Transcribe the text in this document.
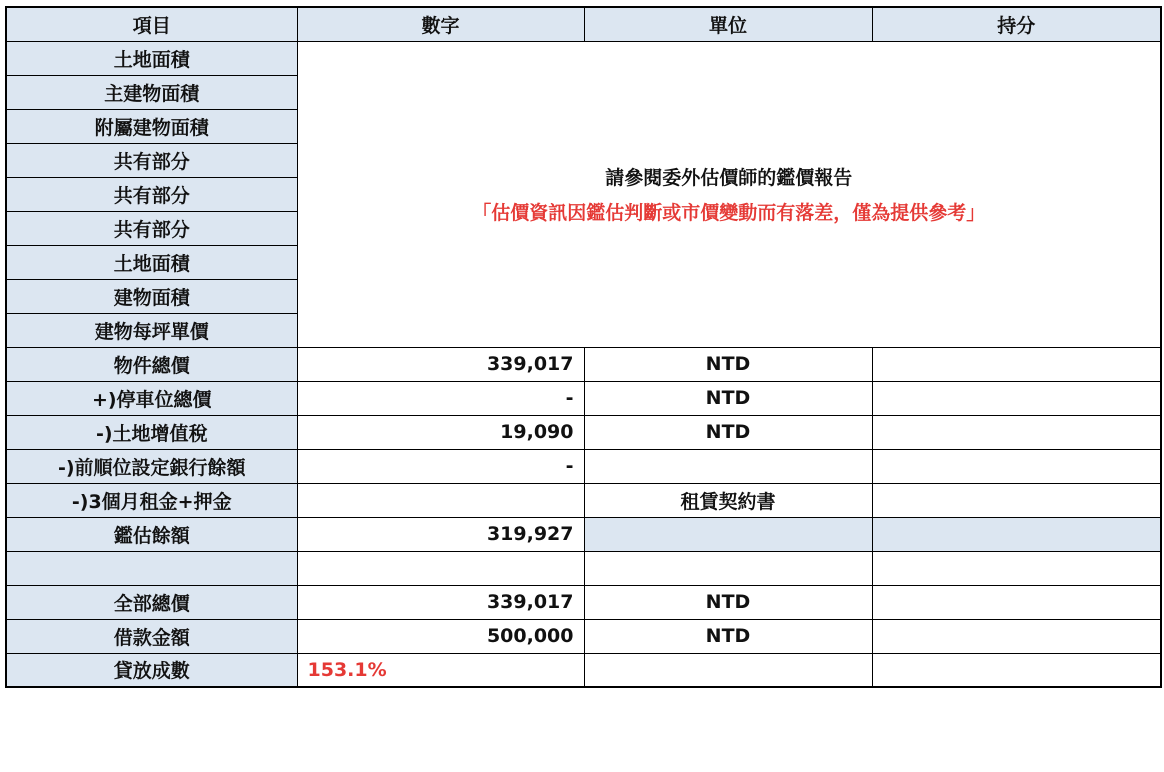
項目	數字	單位	持分
土地面積	請參閱委外估價師的鑑價報告
「估價資訊因鑑估判斷或市價變動而有落差，僅為提供參考」		

主建物面積			
附屬建物面積			
共有部分			
共有部分			
共有部分			
土地面積			
建物面積			
建物每坪單價			
物件總價	339,017	NTD	
+)停車位總價	-	NTD	
-)土地增值稅	19,090	NTD	
-)前順位設定銀行餘額	-		
-)3個月租金+押金		租賃契約書	
鑑估餘額	319,927		

全部總價	339,017	NTD	
借款金額	500,000	NTD	
貸放成數	153.1%		
